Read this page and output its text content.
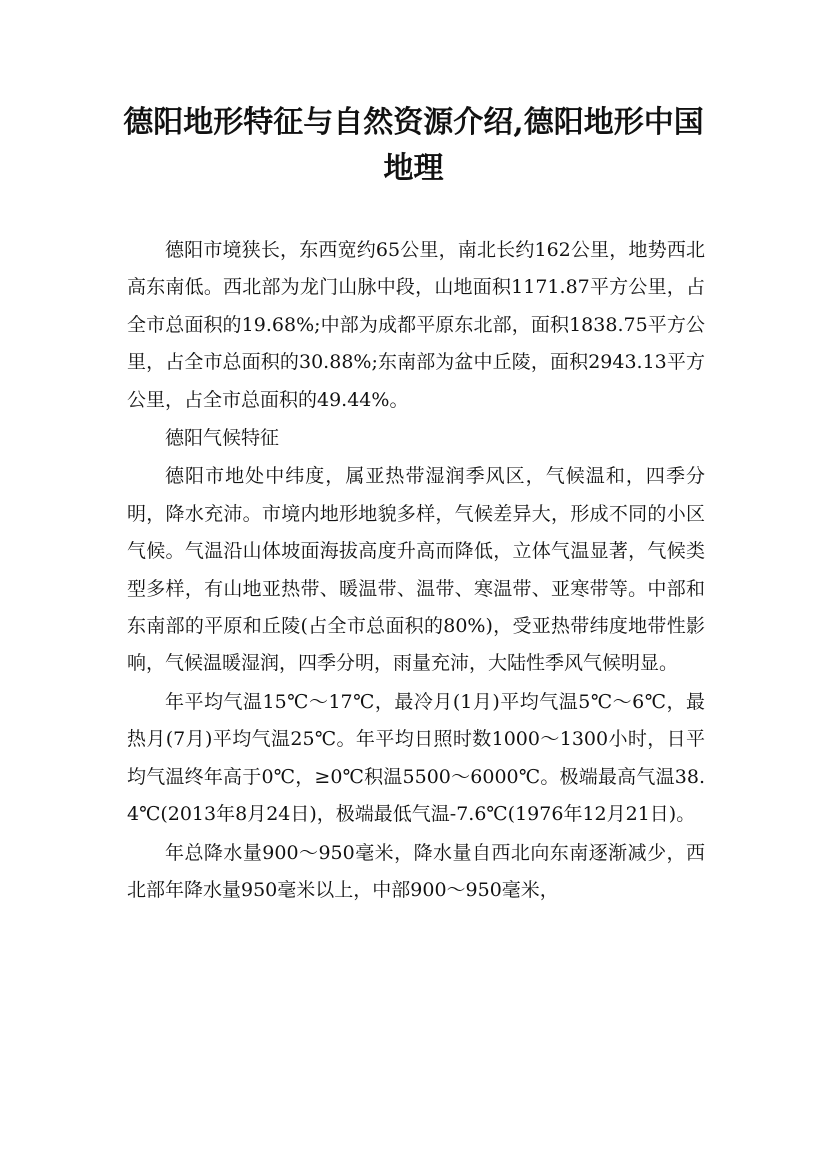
德阳地形特征与自然资源介绍,德阳地形中国地理

德阳市境狭长，东西宽约65公里，南北长约162公里，地势西北高东南低。西北部为龙门山脉中段，山地面积1171.87平方公里，占全市总面积的19.68%;中部为成都平原东北部，面积1838.75平方公里，占全市总面积的30.88%;东南部为盆中丘陵，面积2943.13平方公里，占全市总面积的49.44%。

德阳气候特征

德阳市地处中纬度，属亚热带湿润季风区，气候温和，四季分明，降水充沛。市境内地形地貌多样，气候差异大，形成不同的小区气候。气温沿山体坡面海拔高度升高而降低，立体气温显著，气候类型多样，有山地亚热带、暖温带、温带、寒温带、亚寒带等。中部和东南部的平原和丘陵(占全市总面积的80%)，受亚热带纬度地带性影响，气候温暖湿润，四季分明，雨量充沛，大陆性季风气候明显。

年平均气温15℃～17℃，最冷月(1月)平均气温5℃～6℃，最热月(7月)平均气温25℃。年平均日照时数1000～1300小时，日平均气温终年高于0℃，≥0℃积温5500～6000℃。极端最高气温38.4℃(2013年8月24日)，极端最低气温-7.6℃(1976年12月21日)。

年总降水量900～950毫米，降水量自西北向东南逐渐减少，西北部年降水量950毫米以上，中部900～950毫米，
